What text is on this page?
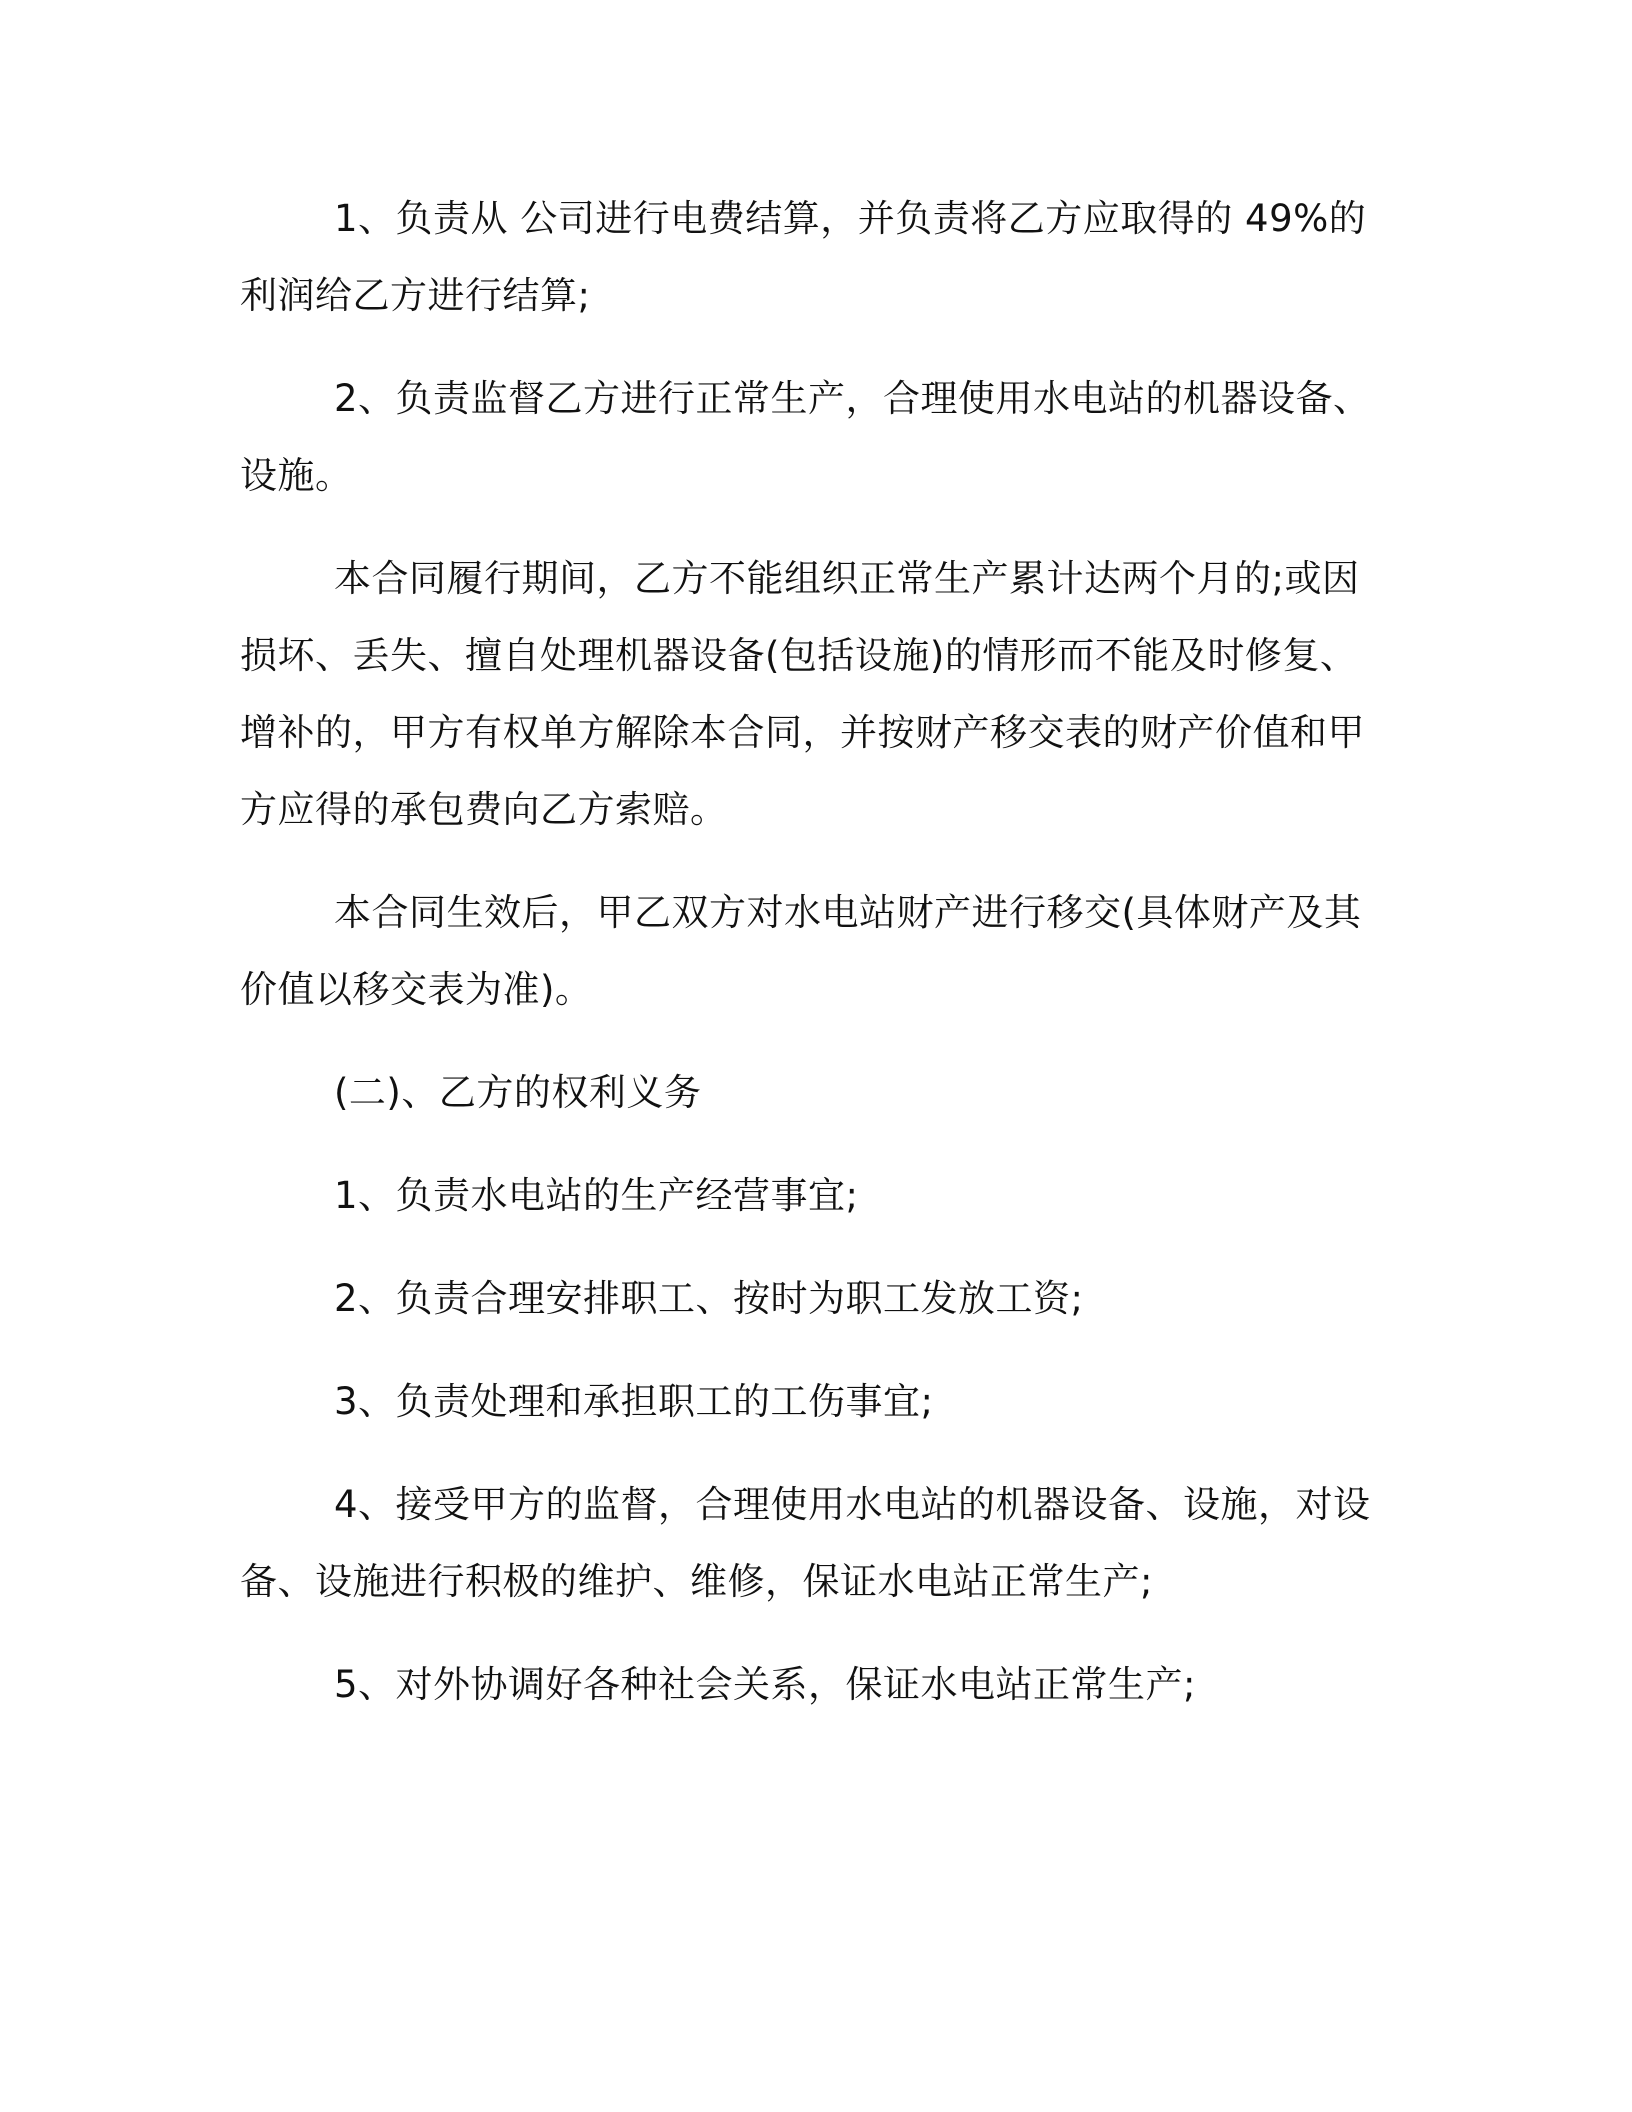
1、负责从 公司进行电费结算，并负责将乙方应取得的 49%的利润给乙方进行结算;

2、负责监督乙方进行正常生产，合理使用水电站的机器设备、设施。

本合同履行期间，乙方不能组织正常生产累计达两个月的;或因损坏、丢失、擅自处理机器设备(包括设施)的情形而不能及时修复、增补的，甲方有权单方解除本合同，并按财产移交表的财产价值和甲方应得的承包费向乙方索赔。

本合同生效后，甲乙双方对水电站财产进行移交(具体财产及其价值以移交表为准)。

(二)、乙方的权利义务

1、负责水电站的生产经营事宜;

2、负责合理安排职工、按时为职工发放工资;

3、负责处理和承担职工的工伤事宜;

4、接受甲方的监督，合理使用水电站的机器设备、设施，对设备、设施进行积极的维护、维修，保证水电站正常生产;

5、对外协调好各种社会关系，保证水电站正常生产;
